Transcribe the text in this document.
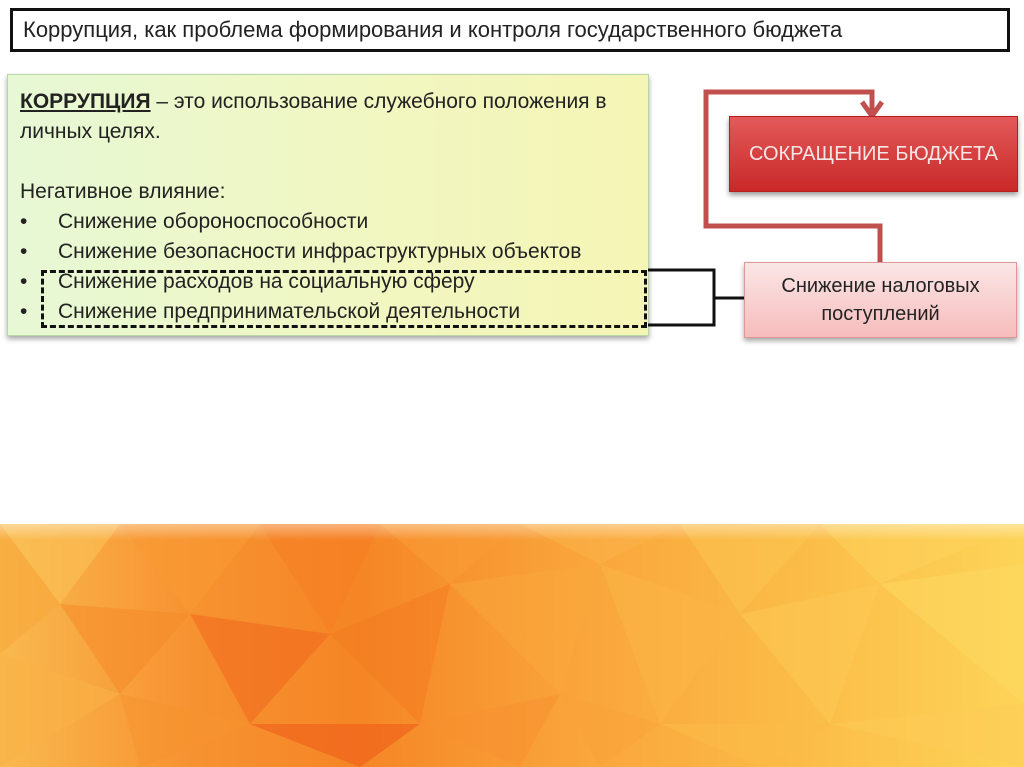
Коррупция, как проблема формирования и контроля государственного бюджета
КОРРУПЦИЯ – это использование служебного положения в личных целях.
Негативное влияние:
•	Снижение обороноспособности
•	Снижение безопасности инфраструктурных объектов
•	Снижение расходов на социальную сферу
•	Снижение предпринимательской деятельности
СОКРАЩЕНИЕ БЮДЖЕТА
Снижение налоговых поступлений
